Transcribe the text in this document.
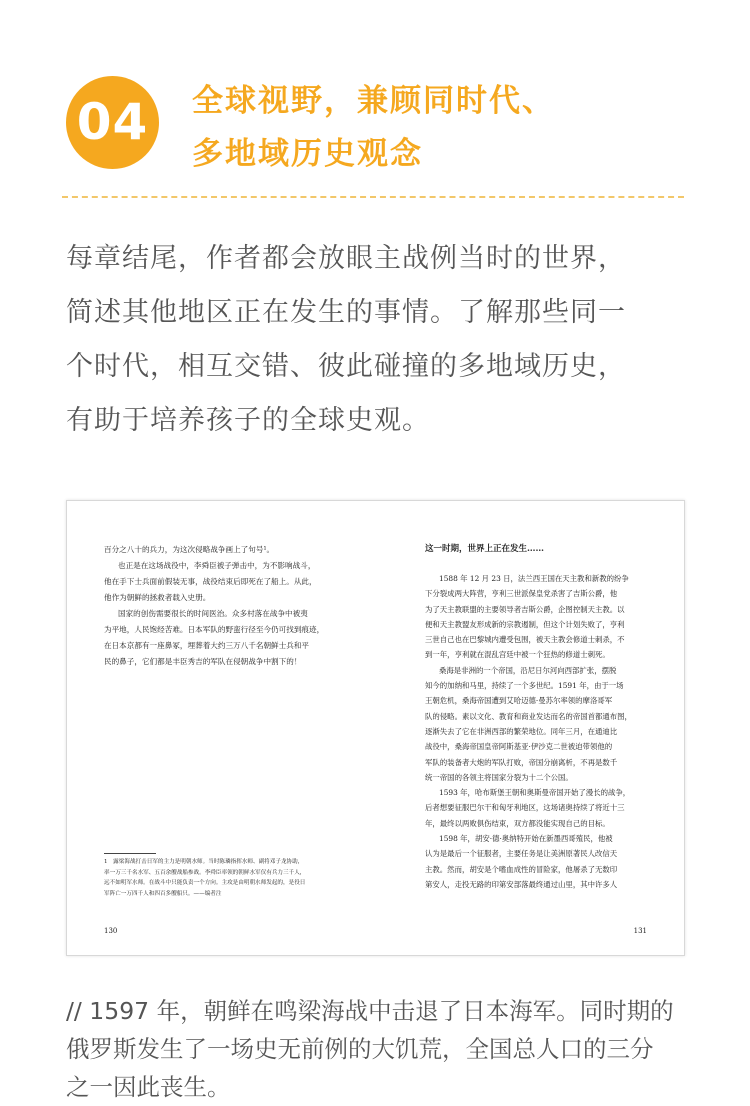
04	全球视野，兼顾同时代、
多地域历史观念

每章结尾，作者都会放眼主战例当时的世界，
简述其他地区正在发生的事情。了解那些同一
个时代，相互交错、彼此碰撞的多地域历史，
有助于培养孩子的全球史观。

百分之八十的兵力，为这次侵略战争画上了句号¹。
也正是在这场战役中，李舜臣被子弹击中，为不影响战斗，
他在手下士兵面前假装无事，战役结束后即死在了船上。从此，
他作为朝鲜的拯救者载入史册。
国家的创伤需要很长的时间医治。众多村落在战争中被夷
为平地，人民饱经苦难。日本军队的野蛮行径至今仍可找到痕迹，
在日本京都有一座鼻冢，埋葬着大约三万八千名朝鲜士兵和平
民的鼻子，它们都是丰臣秀吉的军队在侵朝战争中割下的！
1　露梁海战打击日军的主力是明朝水师。当时陈璘指挥水师、副将邓子龙协助，
率一万三千名水军、五百余艘战船参战。李舜臣率领的朝鲜水军仅有兵力三千人，
远不如明军水师。在战斗中只能负责一个方向。主攻是由明朝水师发起的，是役日
军阵亡一万四千人和四百多艘船只。——编者注
130
这一时期，世界上正在发生……
1588 年 12 月 23 日，法兰西王国在天主教和新教的纷争
下分裂成两大阵营，亨利三世派保皇党杀害了吉斯公爵，他
为了天主教联盟的主要领导者吉斯公爵，企图控制天主教。以
便和天主教盟友形成新的宗教遏制，但这个计划失败了，亨利
三世自己也在巴黎城内遭受包围，被天主教会修道士刺杀，不
到一年，亨利就在混乱宫廷中被一个狂热的修道士刺死。
桑海是非洲的一个帝国，沿尼日尔河向西部扩张，摆脱
知今的加纳和马里，持续了一个多世纪。1591 年，由于一场
王朝危机，桑海帝国遭到艾哈迈德·曼苏尔率领的摩洛哥军
队的侵略。素以文化、教育和商业发达而名的帝国首都通布图，
逐渐失去了它在非洲西部的繁荣地位。同年三月，在通迪比
战役中，桑海帝国皇帝阿斯基亚·伊沙克二世被迫带领他的
军队的装备者大炮的军队打败，帝国分崩离析，不再是数千
统一帝国的各领主将国家分裂为十二个公国。
1593 年，哈布斯堡王朝和奥斯曼帝国开始了漫长的战争，
后者想要征服巴尔干和匈牙利地区，这场诸奥持续了将近十三
年，最终以两败俱伤结束，双方都没能实现自己的目标。
1598 年，胡安·德·奥纳特开始在新墨西哥殖民，他被
认为是最后一个征服者，主要任务是让美洲原著民人改信天
主教。然而，胡安是个嗜血成性的冒险家，他屠杀了无数印
第安人，走投无路的印第安部落最终通过山里，其中许多人
131

// 1597 年，朝鲜在鸣梁海战中击退了日本海军。同时期的
俄罗斯发生了一场史无前例的大饥荒，全国总人口的三分
之一因此丧生。
